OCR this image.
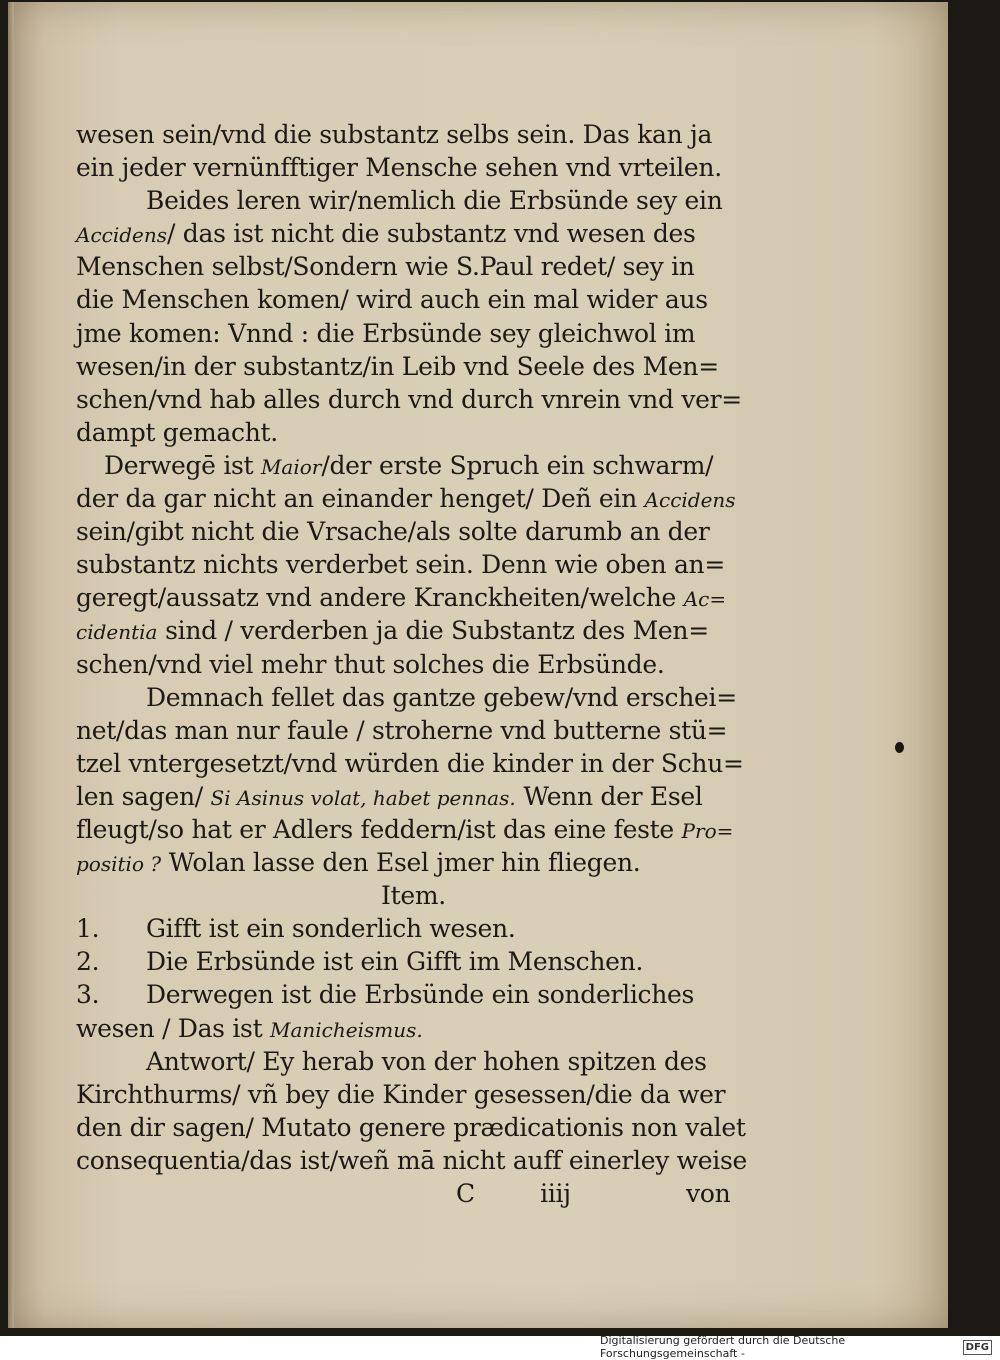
wesen sein/vnd die substantz selbs sein. Das kan ja
ein jeder vernünfftiger Mensche sehen vnd vrteilen.
Beides leren wir/nemlich die Erbsünde sey ein
Accidens/ das ist nicht die substantz vnd wesen des
Menschen selbst/Sondern wie S.Paul redet/ sey in
die Menschen komen/ wird auch ein mal wider aus
jme komen: Vnnd : die Erbsünde sey gleichwol im
wesen/in der substantz/in Leib vnd Seele des Men=
schen/vnd hab alles durch vnd durch vnrein vnd ver=
dampt gemacht.
Derwegē ist Maior/der erste Spruch ein schwarm/
der da gar nicht an einander henget/ Deñ ein Accidens
sein/gibt nicht die Vrsache/als solte darumb an der
substantz nichts verderbet sein. Denn wie oben an=
geregt/aussatz vnd andere Kranckheiten/welche Ac=
cidentia sind / verderben ja die Substantz des Men=
schen/vnd viel mehr thut solches die Erbsünde.
Demnach fellet das gantze gebew/vnd erschei=
net/das man nur faule / stroherne vnd butterne stü=
tzel vntergesetzt/vnd würden die kinder in der Schu=
len sagen/ Si Asinus volat, habet pennas. Wenn der Esel
fleugt/so hat er Adlers feddern/ist das eine feste Pro=
positio ? Wolan lasse den Esel jmer hin fliegen.
Item.
1. Gifft ist ein sonderlich wesen.
2. Die Erbsünde ist ein Gifft im Menschen.
3. Derwegen ist die Erbsünde ein sonderliches
wesen / Das ist Manicheismus.
Antwort/ Ey herab von der hohen spitzen des
Kirchthurms/ vñ bey die Kinder gesessen/die da wer
den dir sagen/ Mutato genere prædicationis non valet
consequentia/das ist/weñ mā nicht auff einerley weise
C	iiij	von
Digitalisierung gefördert durch die Deutsche Forschungsgemeinschaft -	DFG
